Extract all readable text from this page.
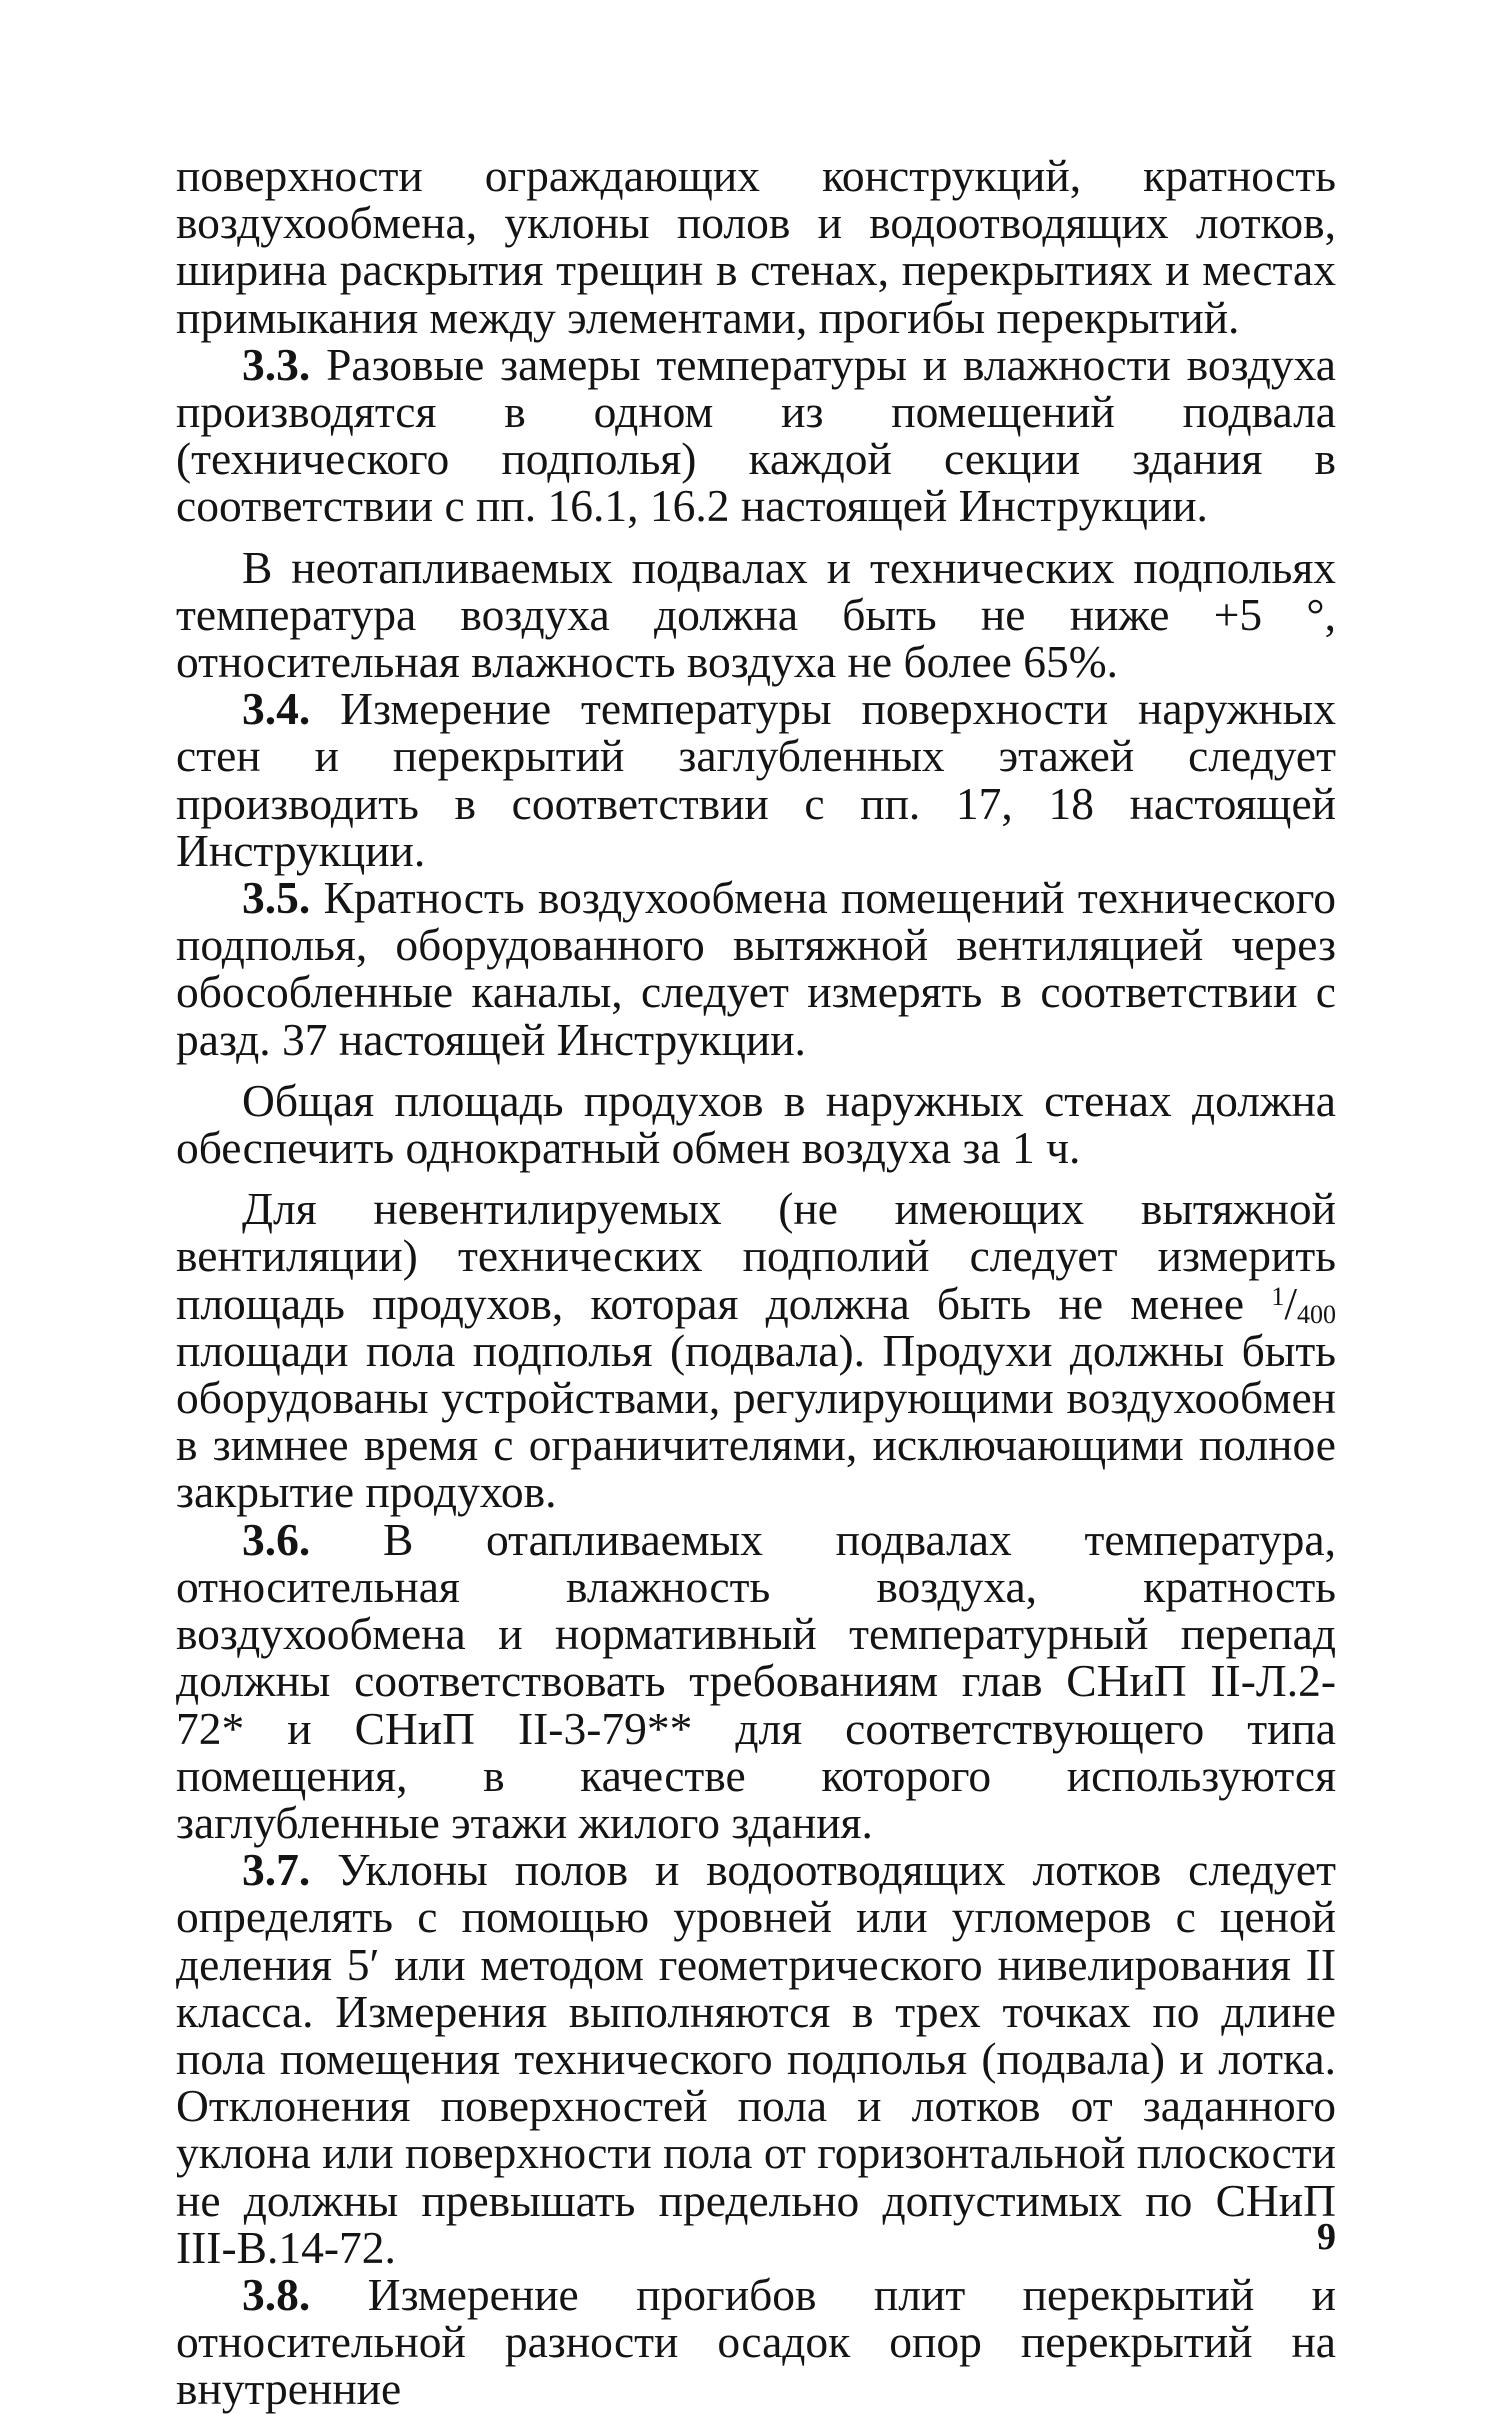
поверхности ограждающих конструкций, кратность воздухообмена, уклоны полов и водоотводящих лотков, ширина раскрытия трещин в стенах, перекрытиях и местах примыкания между элементами, прогибы перекрытий.

3.3. Разовые замеры температуры и влажности воздуха производятся в одном из помещений подвала (технического подполья) каждой секции здания в соответствии с пп. 16.1, 16.2 настоящей Инструкции.

В неотапливаемых подвалах и технических подпольях температура воздуха должна быть не ниже +5 °, относительная влажность воздуха не более 65%.

3.4. Измерение температуры поверхности наружных стен и перекрытий заглубленных этажей следует производить в соответствии с пп. 17, 18 настоящей Инструкции.

3.5. Кратность воздухообмена помещений технического подполья, оборудованного вытяжной вентиляцией через обособленные каналы, следует измерять в соответствии с разд. 37 настоящей Инструкции.

Общая площадь продухов в наружных стенах должна обеспечить однократный обмен воздуха за 1 ч.

Для невентилируемых (не имеющих вытяжной вентиляции) технических подполий следует измерить площадь продухов, которая должна быть не менее $^1/_{400}$ площади пола подполья (подвала). Продухи должны быть оборудованы устройствами, регулирующими воздухообмен в зимнее время с ограничителями, исключающими полное закрытие продухов.

3.6. В отапливаемых подвалах температура, относительная влажность воздуха, кратность воздухообмена и нормативный температурный перепад должны соответствовать требованиям глав СНиП II-Л.2-72* и СНиП II-3-79** для соответствующего типа помещения, в качестве которого используются заглубленные этажи жилого здания.

3.7. Уклоны полов и водоотводящих лотков следует определять с помощью уровней или угломеров с ценой деления 5′ или методом геометрического нивелирования II класса. Измерения выполняются в трех точках по длине пола помещения технического подполья (подвала) и лотка. Отклонения поверхностей пола и лотков от заданного уклона или поверхности пола от горизонтальной плоскости не должны превышать предельно допустимых по СНиП III-В.14-72.

3.8. Измерение прогибов плит перекрытий и относительной разности осадок опор перекрытий на внутренние

9
